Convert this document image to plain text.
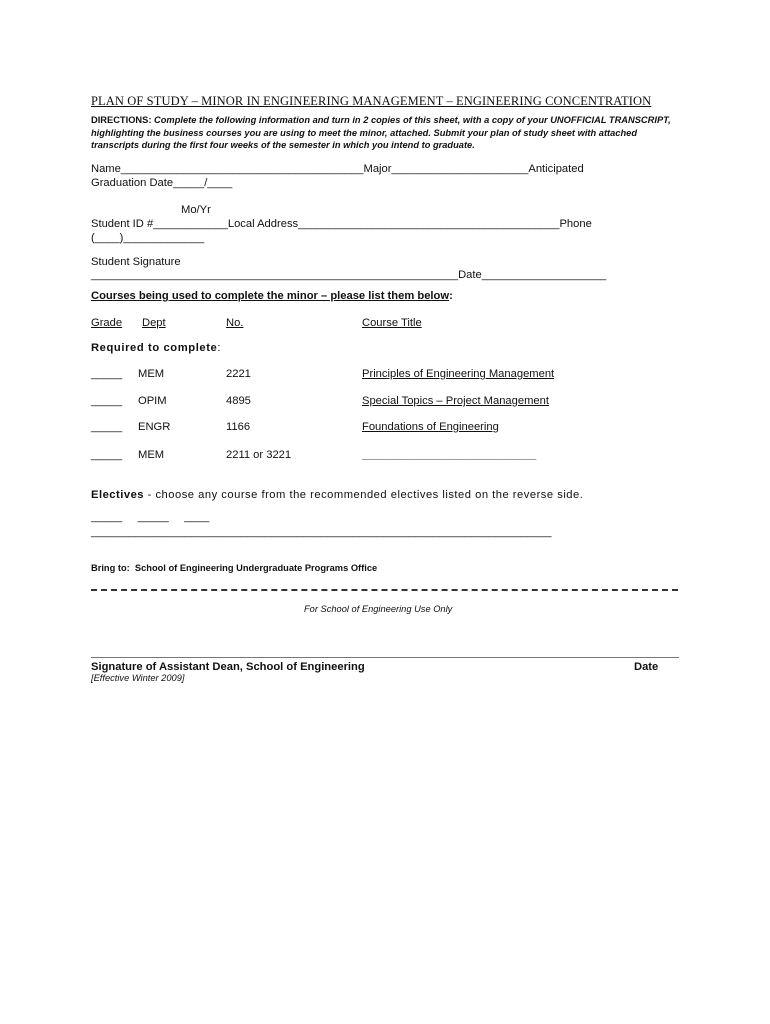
PLAN OF STUDY – MINOR IN ENGINEERING MANAGEMENT – ENGINEERING CONCENTRATION
DIRECTIONS: Complete the following information and turn in 2 copies of this sheet, with a copy of your UNOFFICIAL TRANSCRIPT, highlighting the business courses you are using to meet the minor, attached. Submit your plan of study sheet with attached transcripts during the first four weeks of the semester in which you intend to graduate.
Name_______________________________________Major______________________Anticipated
Graduation Date_____/____
Mo/Yr
Student ID #____________Local Address__________________________________________Phone
(____)_____________
Student Signature
___________________________________________________________Date____________________
Courses being used to complete the minor – please list them below:
Grade Dept	No.	Course Title
Required to complete:
_____ MEM	2221	Principles of Engineering Management
_____ OPIM	4895	Special Topics – Project Management
_____ ENGR	1166	Foundations of Engineering
_____ MEM	2211 or 3221	____________________________
Electives - choose any course from the recommended electives listed on the reverse side.
_____     _____     ____
__________________________________________________________________________
Bring to:  School of Engineering Undergraduate Programs Office
For School of Engineering Use Only
Signature of Assistant Dean, School of Engineering	Date
[Effective Winter 2009]
